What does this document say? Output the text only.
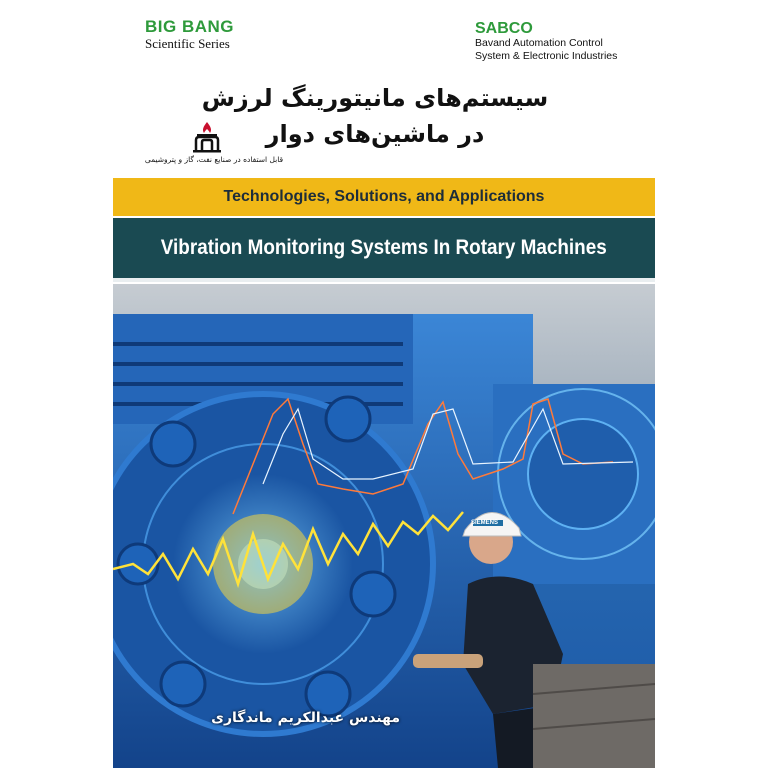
BIG BANG
Scientific Series
SABCO
Bavand Automation Control
System & Electronic Industries
سیستم‌های مانیتورینگ لرزش
در ماشین‌های دوار
قابل استفاده در صنایع نفت، گاز و پتروشیمی
Technologies, Solutions, and Applications
Vibration Monitoring Systems In Rotary Machines
SIEMENS
مهندس عبدالکریم ماندگاری
